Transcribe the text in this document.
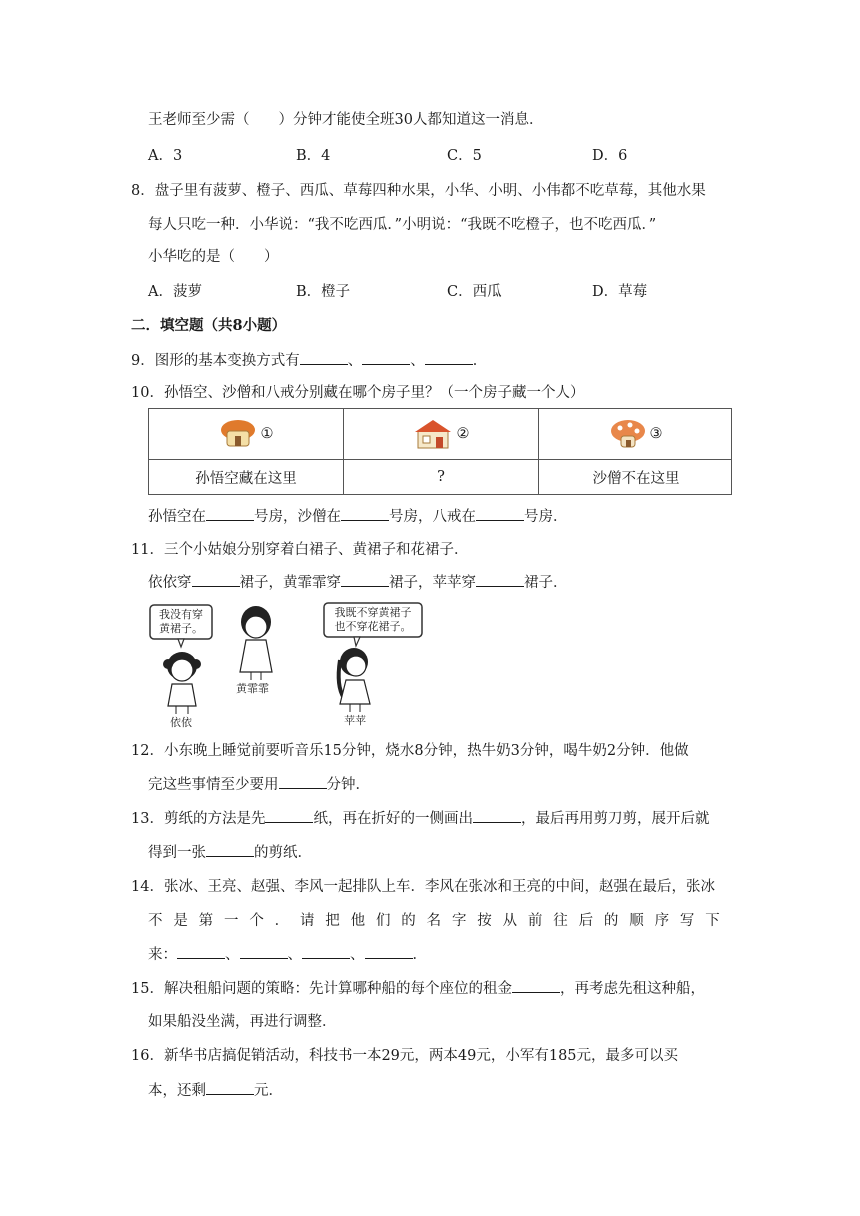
王老师至少需（　　）分钟才能使全班30人都知道这一消息．
A．3	B．4	C．5	D．6
8．盘子里有菠萝、橙子、西瓜、草莓四种水果，小华、小明、小伟都不吃草莓，其他水果
每人只吃一种．小华说：“我不吃西瓜．”小明说：“我既不吃橙子，也不吃西瓜．”
小华吃的是（　　）
A．菠萝	B．橙子	C．西瓜	D．草莓
二．填空题（共8小题）
9．图形的基本变换方式有	、	、	．
10．孙悟空、沙僧和八戒分别藏在哪个房子里？（一个房子藏一个人）
①	②	③
孙悟空藏在这里	?	沙僧不在这里
孙悟空在	号房，沙僧在	号房，八戒在	号房．
11．三个小姑娘分别穿着白裙子、黄裙子和花裙子．
依依穿	裙子，黄霏霏穿	裙子，苹苹穿	裙子．
我没有穿
黄裙子。
我既不穿黄裙子
也不穿花裙子。
依依
黄霏霏
苹苹
12．小东晚上睡觉前要听音乐15分钟，烧水8分钟，热牛奶3分钟，喝牛奶2分钟．他做
完这些事情至少要用	分钟．
13．剪纸的方法是先	纸，再在折好的一侧画出	，最后再用剪刀剪，展开后就
得到一张	的剪纸．
14．张冰、王亮、赵强、李风一起排队上车．李风在张冰和王亮的中间，赵强在最后，张冰
不 是 第 一 个 ． 请 把 他 们 的 名 字 按 从 前 往 后 的 顺 序 写 下
来：	、	、	、	．
15．解决租船问题的策略：先计算哪种船的每个座位的租金	，再考虑先租这种船，
如果船没坐满，再进行调整．
16．新华书店搞促销活动，科技书一本29元，两本49元，小军有185元，最多可以买
本，还剩	元．
